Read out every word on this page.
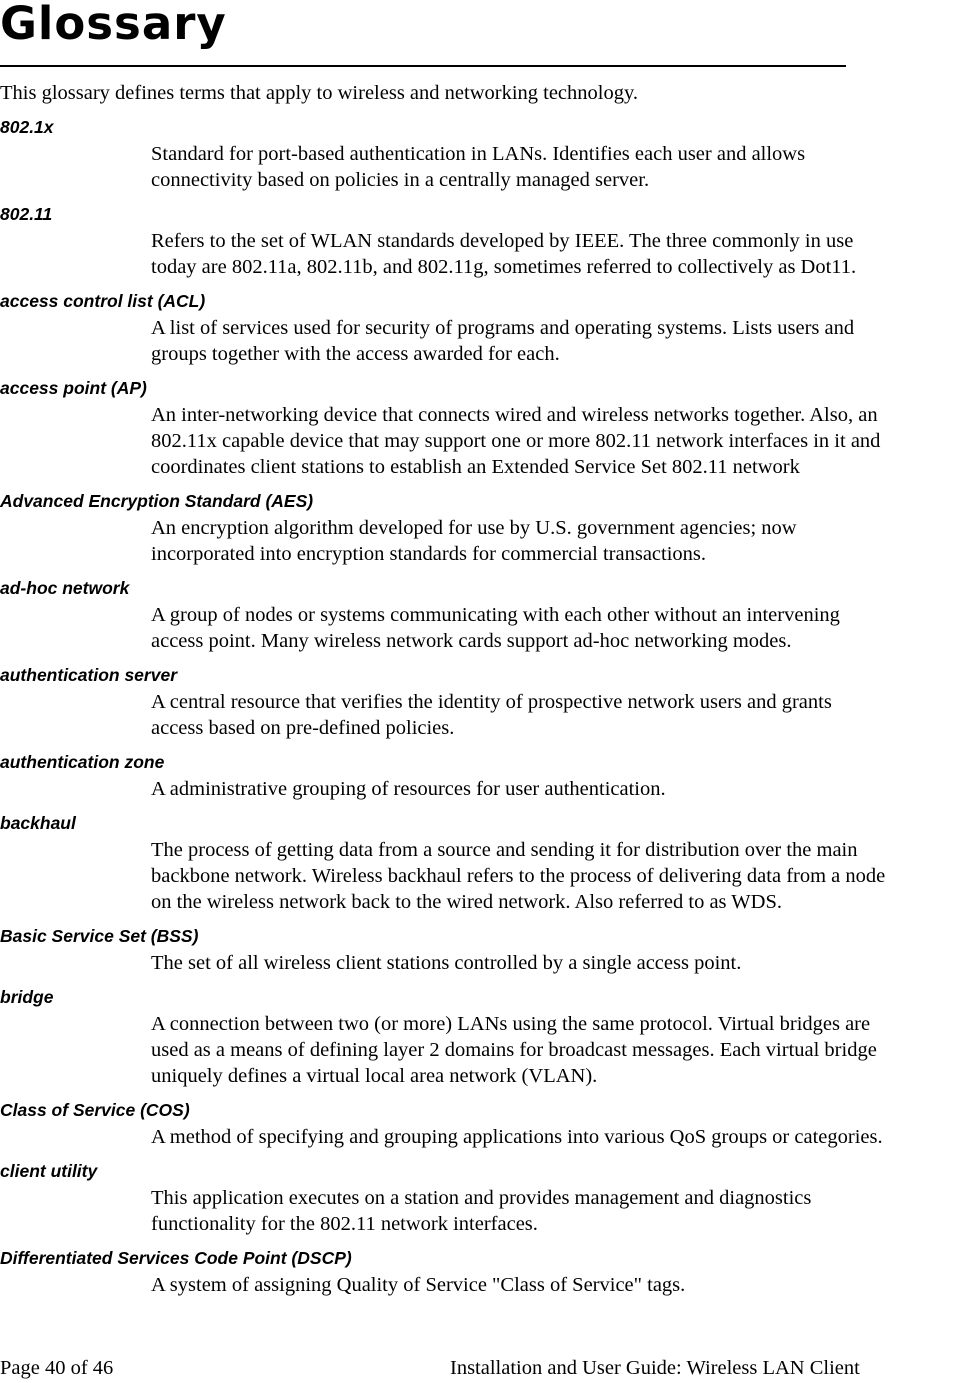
Glossary

This glossary defines terms that apply to wireless and networking technology.

802.1x
Standard for port-based authentication in LANs. Identifies each user and allows
connectivity based on policies in a centrally managed server.
802.11
Refers to the set of WLAN standards developed by IEEE. The three commonly in use
today are 802.11a, 802.11b, and 802.11g, sometimes referred to collectively as Dot11.
access control list (ACL)
A list of services used for security of programs and operating systems. Lists users and
groups together with the access awarded for each.
access point (AP)
An inter-networking device that connects wired and wireless networks together. Also, an
802.11x capable device that may support one or more 802.11 network interfaces in it and
coordinates client stations to establish an Extended Service Set 802.11 network
Advanced Encryption Standard (AES)
An encryption algorithm developed for use by U.S. government agencies; now
incorporated into encryption standards for commercial transactions.
ad-hoc network
A group of nodes or systems communicating with each other without an intervening
access point. Many wireless network cards support ad-hoc networking modes.
authentication server
A central resource that verifies the identity of prospective network users and grants
access based on pre-defined policies.
authentication zone
A administrative grouping of resources for user authentication.
backhaul
The process of getting data from a source and sending it for distribution over the main
backbone network. Wireless backhaul refers to the process of delivering data from a node
on the wireless network back to the wired network. Also referred to as WDS.
Basic Service Set (BSS)
The set of all wireless client stations controlled by a single access point.
bridge
A connection between two (or more) LANs using the same protocol. Virtual bridges are
used as a means of defining layer 2 domains for broadcast messages. Each virtual bridge
uniquely defines a virtual local area network (VLAN).
Class of Service (COS)
A method of specifying and grouping applications into various QoS groups or categories.
client utility
This application executes on a station and provides management and diagnostics
functionality for the 802.11 network interfaces.
Differentiated Services Code Point (DSCP)
A system of assigning Quality of Service "Class of Service" tags.
Page 40 of 46	Installation and User Guide: Wireless LAN Client
